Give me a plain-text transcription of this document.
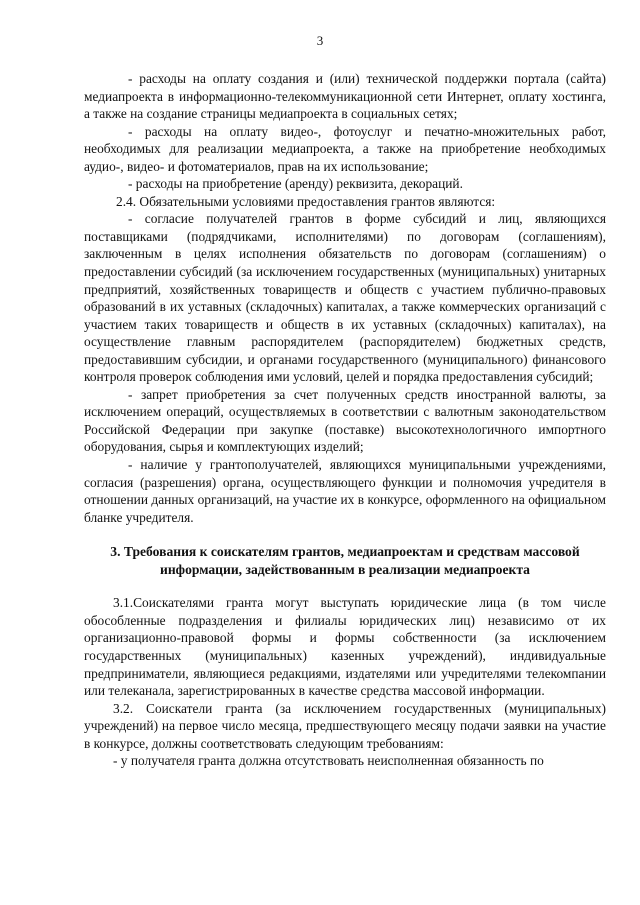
3

- расходы на оплату создания и (или) технической поддержки портала (сайта) медиапроекта в информационно-телекоммуникационной сети Интернет, оплату хостинга, а также на создание страницы медиапроекта в социальных сетях;

- расходы на оплату видео-, фотоуслуг и печатно-множительных работ, необходимых для реализации медиапроекта, а также на приобретение необходимых аудио-, видео- и фотоматериалов, прав на их использование;

- расходы на приобретение (аренду) реквизита, декораций.

2.4. Обязательными условиями предоставления грантов являются:

- согласие получателей грантов в форме субсидий и лиц, являющихся поставщиками (подрядчиками, исполнителями) по договорам (соглашениям), заключенным в целях исполнения обязательств по договорам (соглашениям) о предоставлении субсидий (за исключением государственных (муниципальных) унитарных предприятий, хозяйственных товариществ и обществ с участием публично-правовых образований в их уставных (складочных) капиталах, а также коммерческих организаций с участием таких товариществ и обществ в их уставных (складочных) капиталах), на осуществление главным распорядителем (распорядителем) бюджетных средств, предоставившим субсидии, и органами государственного (муниципального) финансового контроля проверок соблюдения ими условий, целей и порядка предоставления субсидий;

- запрет приобретения за счет полученных средств иностранной валюты, за исключением операций, осуществляемых в соответствии с валютным законодательством Российской Федерации при закупке (поставке) высокотехнологичного импортного оборудования, сырья и комплектующих изделий;

- наличие у грантополучателей, являющихся муниципальными учреждениями, согласия (разрешения) органа, осуществляющего функции и полномочия учредителя в отношении данных организаций, на участие их в конкурсе, оформленного на официальном бланке учредителя.

3. Требования к соискателям грантов, медиапроектам и средствам массовой информации, задействованным в реализации медиапроекта

3.1.Соискателями гранта могут выступать юридические лица (в том числе обособленные подразделения и филиалы юридических лиц) независимо от их организационно-правовой формы и формы собственности (за исключением государственных (муниципальных) казенных учреждений), индивидуальные предприниматели, являющиеся редакциями, издателями или учредителями телекомпании или телеканала, зарегистрированных в качестве средства массовой информации.

3.2. Соискатели гранта (за исключением государственных (муниципальных) учреждений) на первое число месяца, предшествующего месяцу подачи заявки на участие в конкурсе, должны соответствовать следующим требованиям:

- у получателя гранта должна отсутствовать неисполненная обязанность по
